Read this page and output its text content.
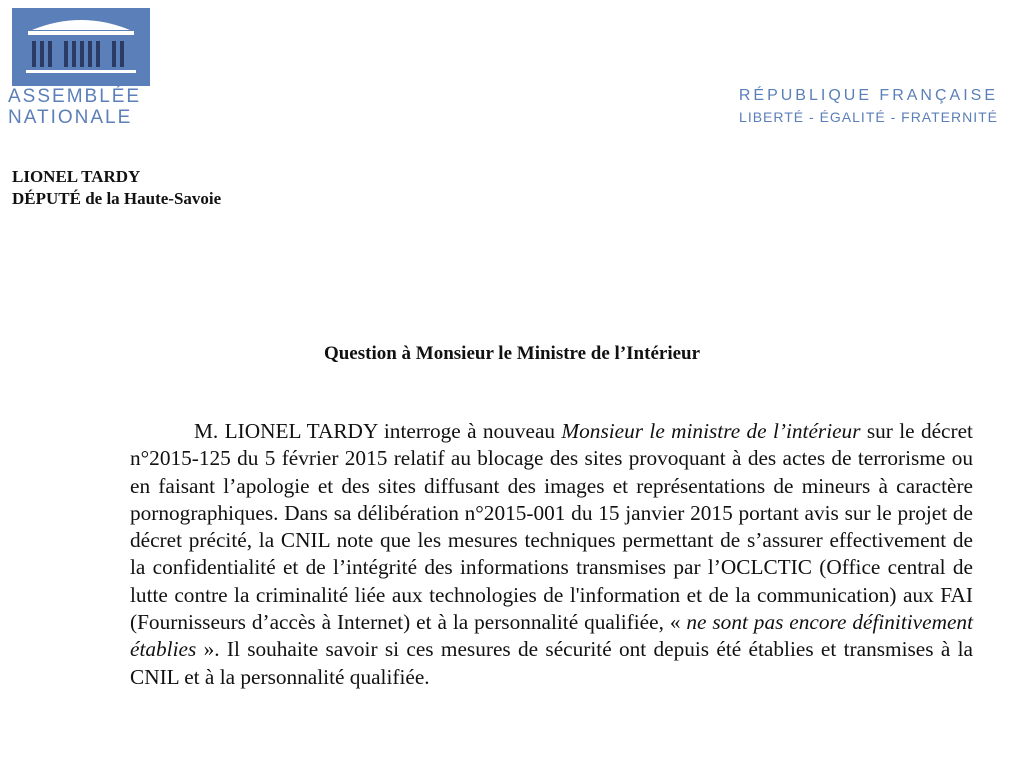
ASSEMBLÉE
NATIONALE
RÉPUBLIQUE FRANÇAISE
LIBERTÉ - ÉGALITÉ - FRATERNITÉ
LIONEL TARDY
DÉPUTÉ de la Haute-Savoie
Question à Monsieur le Ministre de l’Intérieur

M. LIONEL TARDY interroge à nouveau Monsieur le ministre de l’intérieur sur le décret n°2015-125 du 5 février 2015 relatif au blocage des sites provoquant à des actes de terrorisme ou en faisant l’apologie et des sites diffusant des images et représentations de mineurs à caractère pornographiques. Dans sa délibération n°2015-001 du 15 janvier 2015 portant avis sur le projet de décret précité, la CNIL note que les mesures techniques permettant de s’assurer effectivement de la confidentialité et de l’intégrité des informations transmises par l’OCLCTIC (Office central de lutte contre la criminalité liée aux technologies de l'information et de la communication) aux FAI (Fournisseurs d’accès à Internet) et à la personnalité qualifiée, « ne sont pas encore définitivement établies ». Il souhaite savoir si ces mesures de sécurité ont depuis été établies et transmises à la CNIL et à la personnalité qualifiée.
